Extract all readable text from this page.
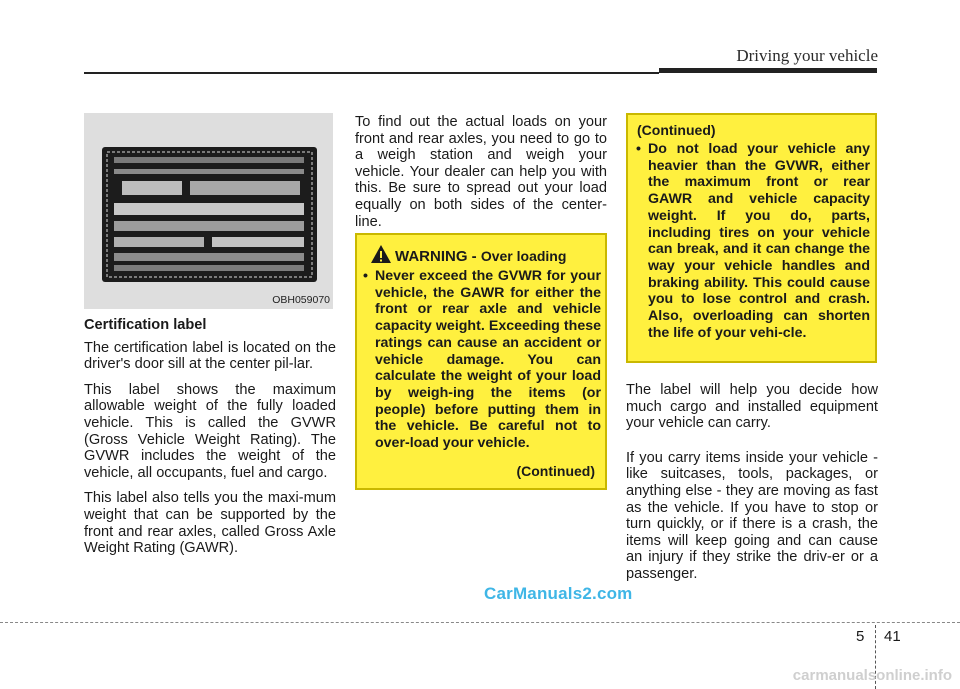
Driving your vehicle
OBH059070

Certification label

The certification label is located on the driver's door sill at the center pil-lar.

This label shows the maximum allowable weight of the fully loaded vehicle. This is called the GVWR (Gross Vehicle Weight Rating). The GVWR includes the weight of the vehicle, all occupants, fuel and cargo.

This label also tells you the maxi-mum weight that can be supported by the front and rear axles, called Gross Axle Weight Rating (GAWR).

To find out the actual loads on your front and rear axles, you need to go to a weigh station and weigh your vehicle. Your dealer can help you with this. Be sure to spread out your load equally on both sides of the center-line.

WARNING - Over loading
• Never exceed the GVWR for your vehicle, the GAWR for either the front or rear axle and vehicle capacity weight. Exceeding these ratings can cause an accident or vehicle damage. You can calculate the weight of your load by weigh-ing the items (or people) before putting them in the vehicle. Be careful not to over-load your vehicle.
(Continued)
(Continued)
• Do not load your vehicle any heavier than the GVWR, either the maximum front or rear GAWR and vehicle capacity weight. If you do, parts, including tires on your vehicle can break, and it can change the way your vehicle handles and braking ability. This could cause you to lose control and crash. Also, overloading can shorten the life of your vehi-cle.

The label will help you decide how much cargo and installed equipment your vehicle can carry.

If you carry items inside your vehicle - like suitcases, tools, packages, or anything else - they are moving as fast as the vehicle. If you have to stop or turn quickly, or if there is a crash, the items will keep going and can cause an injury if they strike the driv-er or a passenger.

CarManuals2.com
5 41
carmanualsonline.info
